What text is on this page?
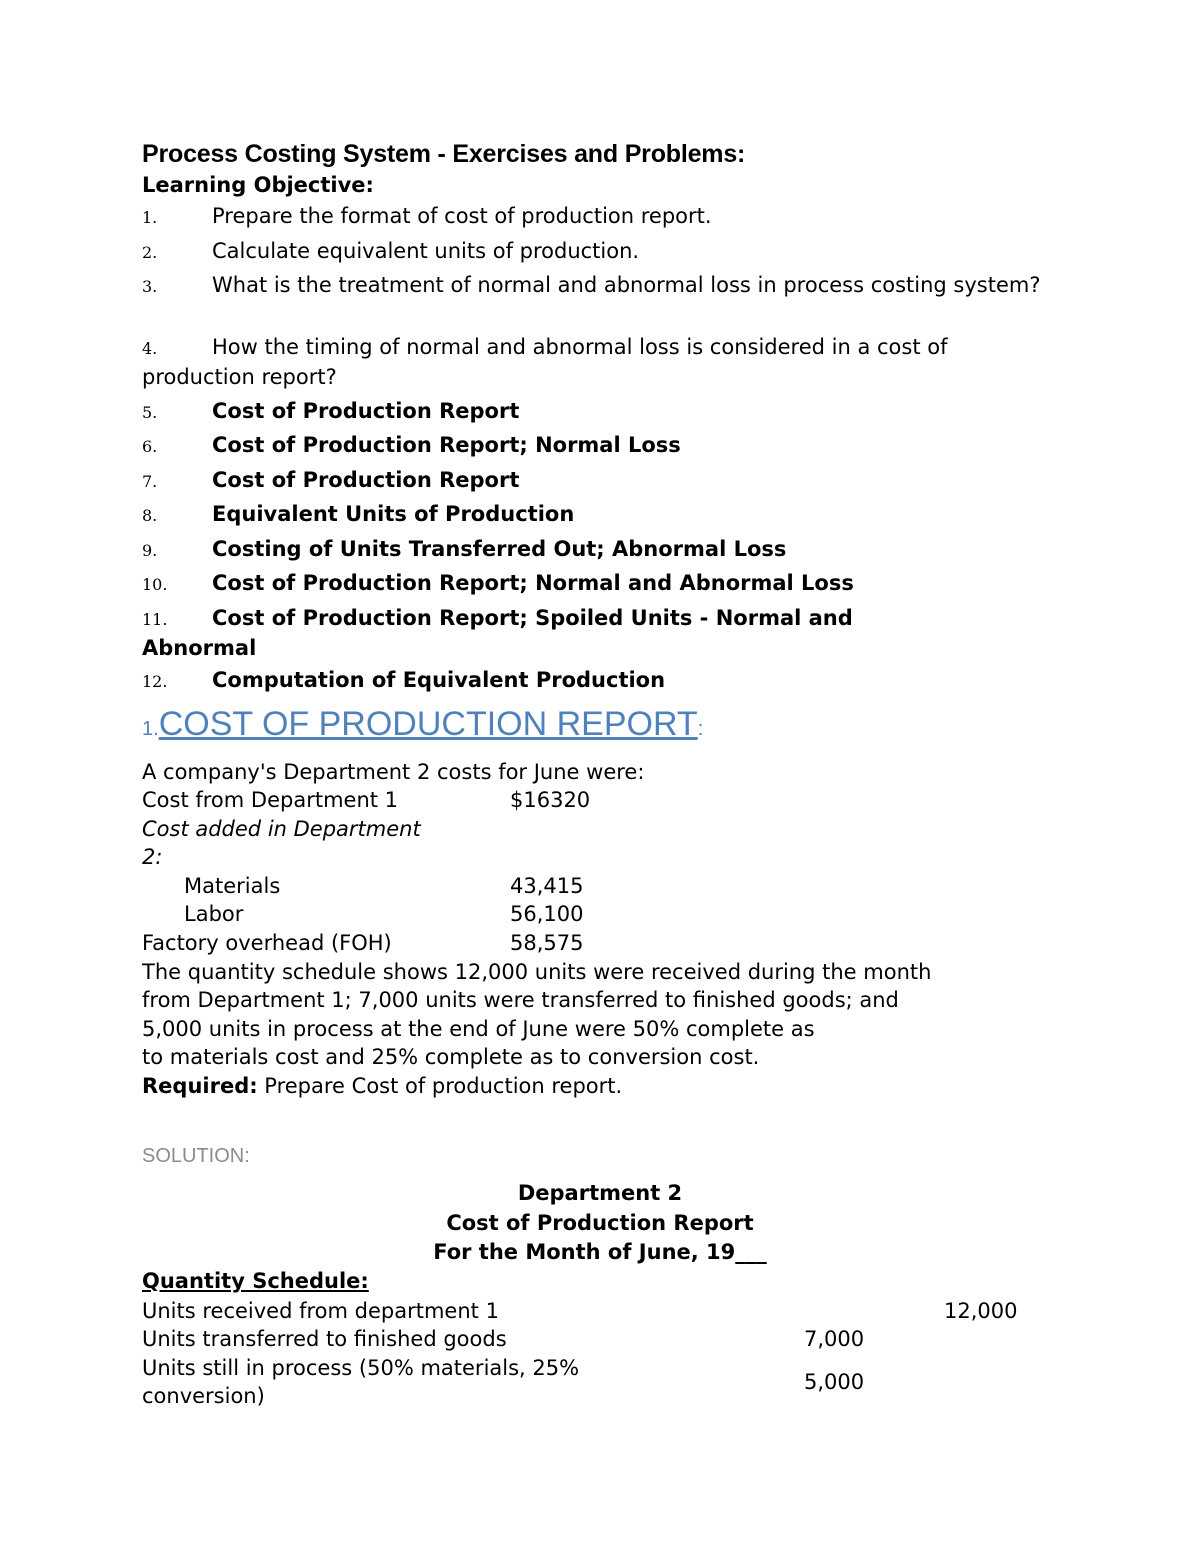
Process Costing System - Exercises and Problems:
Learning Objective:
1.	Prepare the format of cost of production report.
2.	Calculate equivalent units of production.
3.	What is the treatment of normal and abnormal loss in process costing system?
4.	How the timing of normal and abnormal loss is considered in a cost of production report?
5.	Cost of Production Report
6.	Cost of Production Report; Normal Loss
7.	Cost of Production Report
8.	Equivalent Units of Production
9.	Costing of Units Transferred Out; Abnormal Loss
10. Cost of Production Report; Normal and Abnormal Loss
11. Cost of Production Report; Spoiled Units - Normal and Abnormal
12. Computation of Equivalent Production
1.COST OF PRODUCTION REPORT:
A company's Department 2 costs for June were:
Cost from Department 1	$16320
Cost added in Department
2:
Materials	43,415
Labor	56,100
Factory overhead (FOH)	58,575
The quantity schedule shows 12,000 units were received during the month
from Department 1; 7,000 units were transferred to finished goods; and
5,000 units in process at the end of June were 50% complete as
to materials cost and 25% complete as to conversion cost.
Required: Prepare Cost of production report.
SOLUTION:
Department 2
Cost of Production Report
For the Month of June, 19___
Quantity Schedule:
Units received from department 1	12,000
Units transferred to finished goods	7,000
Units still in process (50% materials, 25%
conversion)
5,000
